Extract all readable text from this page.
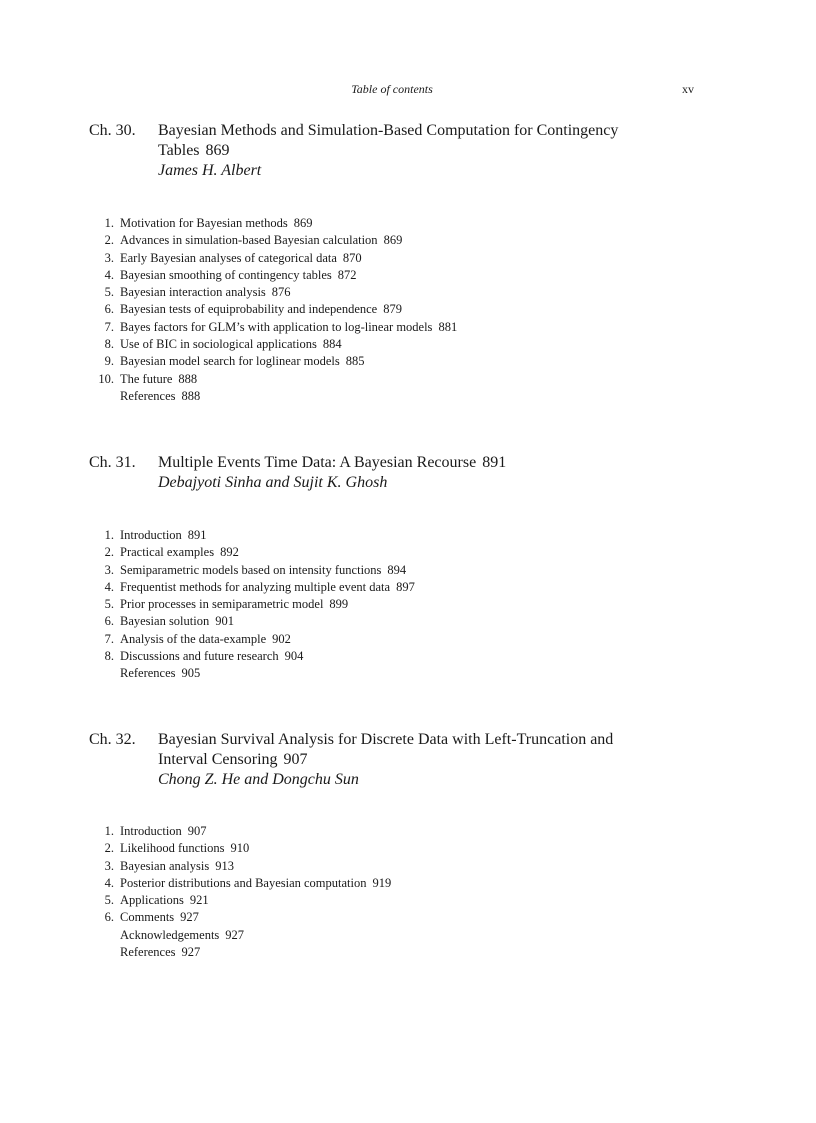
Table of contents	xv
Ch. 30.	Bayesian Methods and Simulation-Based Computation for Contingency
Tables 869
James H. Albert
1. Motivation for Bayesian methods 869
2. Advances in simulation-based Bayesian calculation 869
3. Early Bayesian analyses of categorical data 870
4. Bayesian smoothing of contingency tables 872
5. Bayesian interaction analysis 876
6. Bayesian tests of equiprobability and independence 879
7. Bayes factors for GLM’s with application to log-linear models 881
8. Use of BIC in sociological applications 884
9. Bayesian model search for loglinear models 885
10. The future 888
References 888
Ch. 31.	Multiple Events Time Data: A Bayesian Recourse 891
Debajyoti Sinha and Sujit K. Ghosh
1. Introduction 891
2. Practical examples 892
3. Semiparametric models based on intensity functions 894
4. Frequentist methods for analyzing multiple event data 897
5. Prior processes in semiparametric model 899
6. Bayesian solution 901
7. Analysis of the data-example 902
8. Discussions and future research 904
References 905
Ch. 32.	Bayesian Survival Analysis for Discrete Data with Left-Truncation and
Interval Censoring 907
Chong Z. He and Dongchu Sun
1. Introduction 907
2. Likelihood functions 910
3. Bayesian analysis 913
4. Posterior distributions and Bayesian computation 919
5. Applications 921
6. Comments 927
Acknowledgements 927
References 927
